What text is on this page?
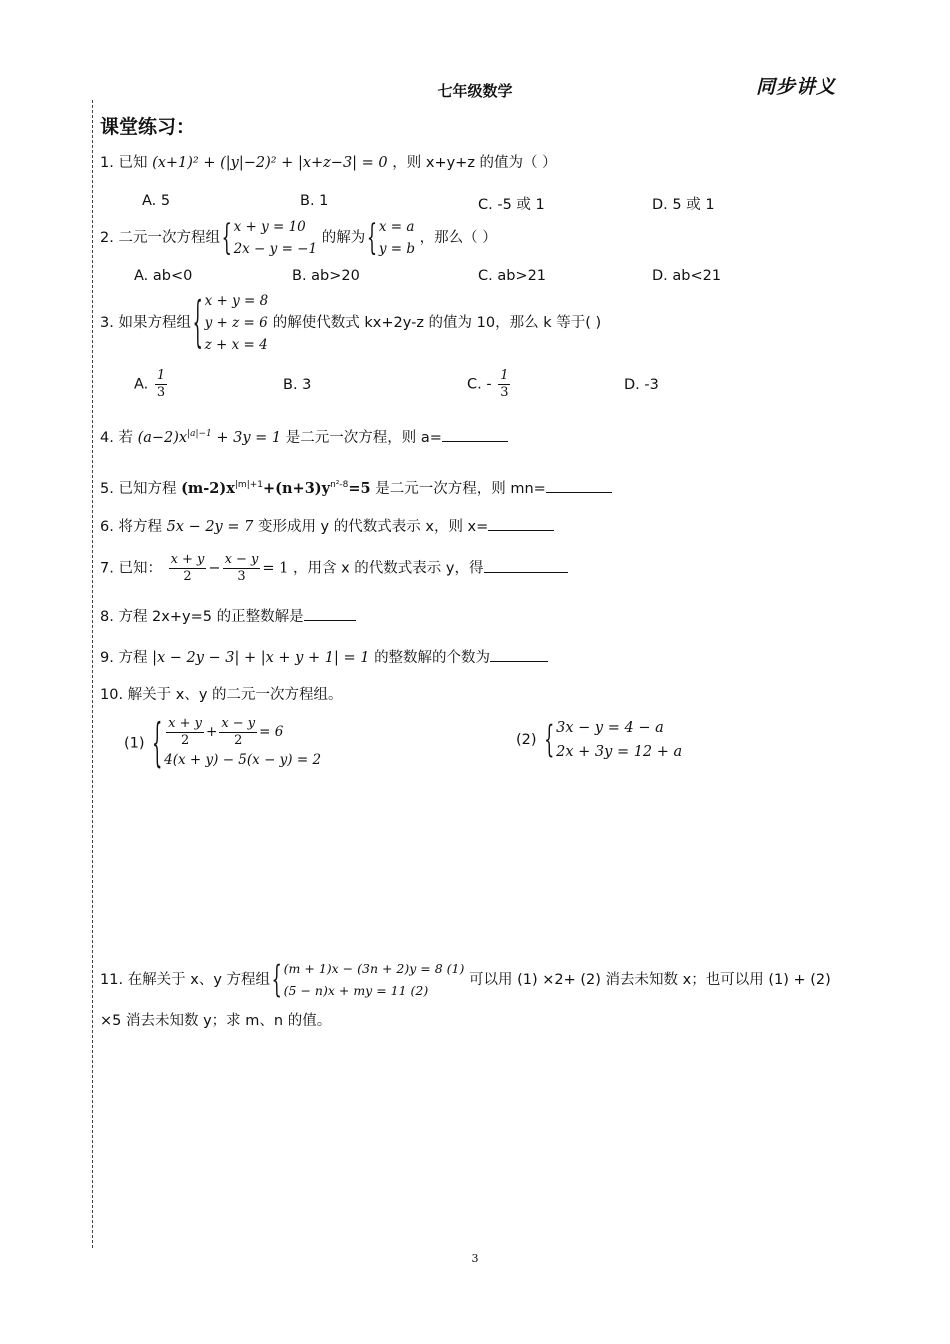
七年级数学	同步讲义
课堂练习：
1. 已知 (x+1)² + (|y|−2)² + |x+z−3| = 0 ，则 x+y+z 的值为（ ）
A. 5	B. 1	C. -5 或 1	D. 5 或 1
2. 二元一次方程组
{ x + y = 10
2x − y = −1
的解为
{ x = a
y = b
，那么（ ）
A. ab<0	B. ab>20	C. ab>21	D. ab<21
3. 如果方程组
{ x + y = 8
y + z = 6
z + x = 4
的解使代数式 kx+2y-z 的值为 10，那么 k 等于( )
A. $\frac{1}{3}$	B. 3	C. - $\frac{1}{3}$	D. -3
4. 若 $(a-2)x^{|a|-1} + 3y = 1$ 是二元一次方程，则 a=
5. 已知方程 $(m-2)x^{|m|+1}+(n+3)y^{n^2-8}=5$ 是二元一次方程，则 mn=
6. 将方程 5x − 2y = 7 变形成用 y 的代数式表示 x，则 x=
7. 已知： $\frac{x + y}{2} - \frac{x - y}{3} = 1$ ，用含 x 的代数式表示 y，得
8. 方程 2x+y=5 的正整数解是
9. 方程 |x − 2y − 3| + |x + y + 1| = 1 的整数解的个数为
10. 解关于 x、y 的二元一次方程组。
(1)
{ $\frac{x + y}{2} + \frac{x - y}{2} = 6$
4(x + y) − 5(x − y) = 2
(2)
{ 3x − y = 4 − a
2x + 3y = 12 + a
11. 在解关于 x、y 方程组
{ (m + 1)x − (3n + 2)y = 8 (1)
(5 − n)x + my = 11 (2)
可以用 (1) ×2+ (2) 消去未知数 x；也可以用 (1) + (2)
×5 消去未知数 y；求 m、n 的值。
3
